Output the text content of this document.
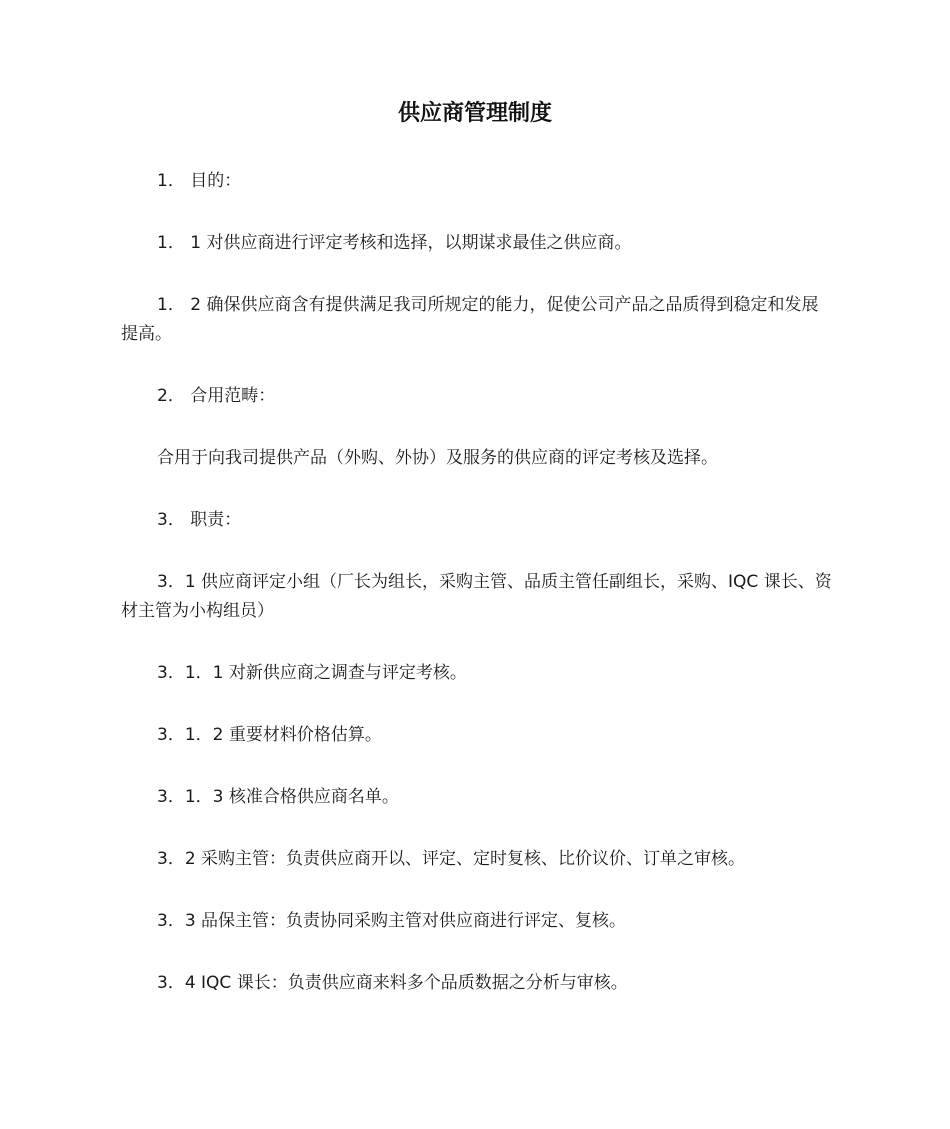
供应商管理制度

1． 目的：

1． 1 对供应商进行评定考核和选择，以期谋求最佳之供应商。

1． 2 确保供应商含有提供满足我司所规定的能力，促使公司产品之品质得到稳定和发展提高。

2． 合用范畴：

合用于向我司提供产品（外购、外协）及服务的供应商的评定考核及选择。

3． 职责：

3．1 供应商评定小组（厂长为组长，采购主管、品质主管任副组长，采购、IQC 课长、资材主管为小构组员）

3．1．1 对新供应商之调查与评定考核。

3．1．2 重要材料价格估算。

3．1．3 核准合格供应商名单。

3．2 采购主管：负责供应商开以、评定、定时复核、比价议价、订单之审核。

3．3 品保主管：负责协同采购主管对供应商进行评定、复核。

3．4 IQC 课长：负责供应商来料多个品质数据之分析与审核。
